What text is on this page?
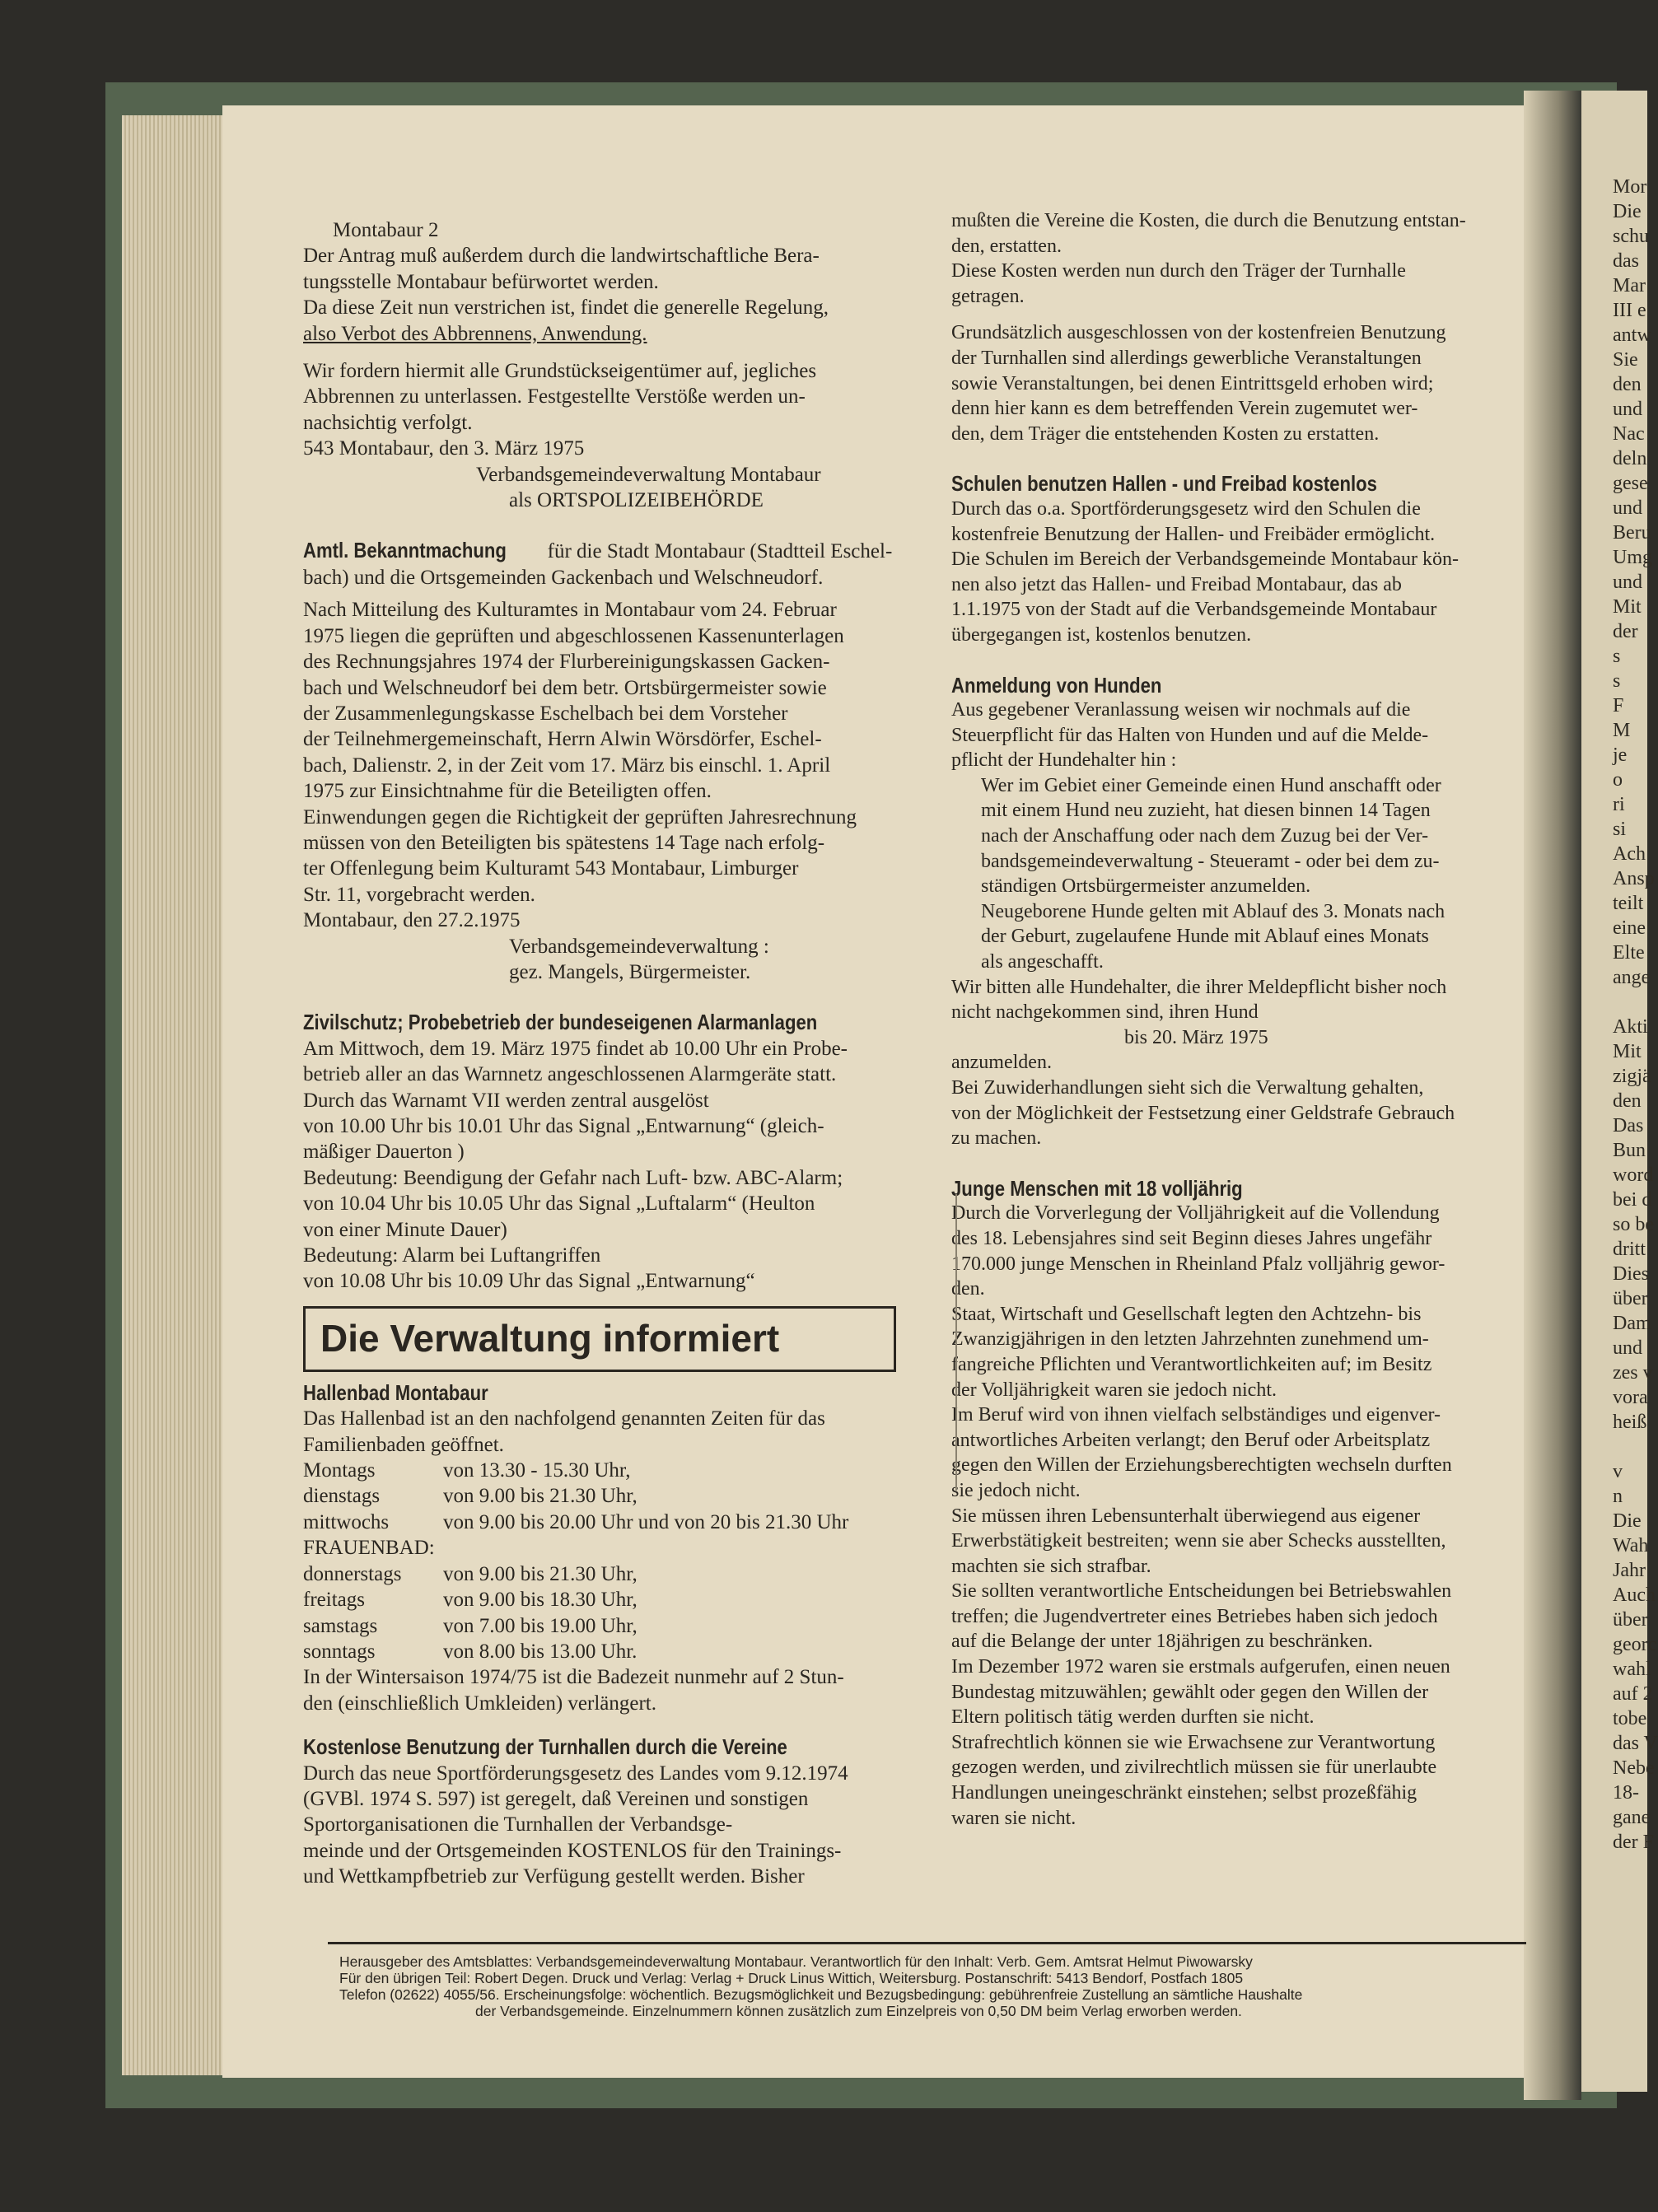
Mor
Die
schu
das
Mar
III e
antw
Sie
den
und
Nac
deln
gese
und
Beru
Umg
und
Mit
der
s
s
F
M
je
o
ri
si
Ach
Ansp
teilt
eine
Elte
ange
Akti
Mit
zigjä
den
Das
Bun
word
bei d
so be
dritt
Dies
über
Dam
und
zes v
vora
heiß
v
n
Die
Wah
Jahr
Auch
über
georc
wahl
auf 2
tobe
das V
Nebe
18-
gane
der F

Montabaur 2

Der Antrag muß außerdem durch die landwirtschaftliche Bera-

tungsstelle Montabaur befürwortet werden.

Da diese Zeit nun verstrichen ist, findet die generelle Regelung,

also Verbot des Abbrennens, Anwendung.

Wir fordern hiermit alle Grundstückseigentümer auf, jegliches

Abbrennen zu unterlassen. Festgestellte Verstöße werden un-

nachsichtig verfolgt.

543 Montabaur, den 3. März 1975

Verbandsgemeindeverwaltung Montabaur

als ORTSPOLIZEIBEHÖRDE

Amtl. Bekanntmachung für die Stadt Montabaur (Stadtteil Eschel-

bach) und die Ortsgemeinden Gackenbach und Welschneudorf.

Nach Mitteilung des Kulturamtes in Montabaur vom 24. Februar

1975 liegen die geprüften und abgeschlossenen Kassenunterlagen

des Rechnungsjahres 1974 der Flurbereinigungskassen Gacken-

bach und Welschneudorf bei dem betr. Ortsbürgermeister sowie

der Zusammenlegungskasse Eschelbach bei dem Vorsteher

der Teilnehmergemeinschaft, Herrn Alwin Wörsdörfer, Eschel-

bach, Dalienstr. 2, in der Zeit vom 17. März bis einschl. 1. April

1975 zur Einsichtnahme für die Beteiligten offen.

Einwendungen gegen die Richtigkeit der geprüften Jahresrechnung

müssen von den Beteiligten bis spätestens 14 Tage nach erfolg-

ter Offenlegung beim Kulturamt 543 Montabaur, Limburger

Str. 11, vorgebracht werden.

Montabaur, den 27.2.1975

Verbandsgemeindeverwaltung :

gez. Mangels, Bürgermeister.

Zivilschutz; Probebetrieb der bundeseigenen Alarmanlagen

Am Mittwoch, dem 19. März 1975 findet ab 10.00 Uhr ein Probe-

betrieb aller an das Warnnetz angeschlossenen Alarmgeräte statt.

Durch das Warnamt VII werden zentral ausgelöst

von 10.00 Uhr bis 10.01 Uhr das Signal „Entwarnung“ (gleich-

mäßiger Dauerton )

Bedeutung: Beendigung der Gefahr nach Luft- bzw. ABC-Alarm;

von 10.04 Uhr bis 10.05 Uhr das Signal „Luftalarm“ (Heulton

von einer Minute Dauer)

Bedeutung: Alarm bei Luftangriffen

von 10.08 Uhr bis 10.09 Uhr das Signal „Entwarnung“

Die Verwaltung informiert

Hallenbad Montabaur

Das Hallenbad ist an den nachfolgend genannten Zeiten für das

Familienbaden geöffnet.

Montags	von 13.30 - 15.30 Uhr,
dienstags	von 9.00 bis 21.30 Uhr,
mittwochs	von 9.00 bis 20.00 Uhr und von 20 bis 21.30 Uhr

FRAUENBAD:

donnerstags	von 9.00 bis 21.30 Uhr,
freitags	von 9.00 bis 18.30 Uhr,
samstags	von 7.00 bis 19.00 Uhr,
sonntags	von 8.00 bis 13.00 Uhr.

In der Wintersaison 1974/75 ist die Badezeit nunmehr auf 2 Stun-

den (einschließlich Umkleiden) verlängert.

Kostenlose Benutzung der Turnhallen durch die Vereine

Durch das neue Sportförderungsgesetz des Landes vom 9.12.1974

(GVBl. 1974 S. 597) ist geregelt, daß Vereinen und sonstigen

Sportorganisationen die Turnhallen der Verbandsge-

meinde und der Ortsgemeinden KOSTENLOS für den Trainings-

und Wettkampfbetrieb zur Verfügung gestellt werden. Bisher

mußten die Vereine die Kosten, die durch die Benutzung entstan-

den, erstatten.

Diese Kosten werden nun durch den Träger der Turnhalle

getragen.

Grundsätzlich ausgeschlossen von der kostenfreien Benutzung

der Turnhallen sind allerdings gewerbliche Veranstaltungen

sowie Veranstaltungen, bei denen Eintrittsgeld erhoben wird;

denn hier kann es dem betreffenden Verein zugemutet wer-

den, dem Träger die entstehenden Kosten zu erstatten.

Schulen benutzen Hallen - und Freibad kostenlos

Durch das o.a. Sportförderungsgesetz wird den Schulen die

kostenfreie Benutzung der Hallen- und Freibäder ermöglicht.

Die Schulen im Bereich der Verbandsgemeinde Montabaur kön-

nen also jetzt das Hallen- und Freibad Montabaur, das ab

1.1.1975 von der Stadt auf die Verbandsgemeinde Montabaur

übergegangen ist, kostenlos benutzen.

Anmeldung von Hunden

Aus gegebener Veranlassung weisen wir nochmals auf die

Steuerpflicht für das Halten von Hunden und auf die Melde-

pflicht der Hundehalter hin :

Wer im Gebiet einer Gemeinde einen Hund anschafft oder

mit einem Hund neu zuzieht, hat diesen binnen 14 Tagen

nach der Anschaffung oder nach dem Zuzug bei der Ver-

bandsgemeindeverwaltung - Steueramt - oder bei dem zu-

ständigen Ortsbürgermeister anzumelden.

Neugeborene Hunde gelten mit Ablauf des 3. Monats nach

der Geburt, zugelaufene Hunde mit Ablauf eines Monats

als angeschafft.

Wir bitten alle Hundehalter, die ihrer Meldepflicht bisher noch

nicht nachgekommen sind, ihren Hund

bis 20. März 1975

anzumelden.

Bei Zuwiderhandlungen sieht sich die Verwaltung gehalten,

von der Möglichkeit der Festsetzung einer Geldstrafe Gebrauch

zu machen.

Junge Menschen mit 18 volljährig

Durch die Vorverlegung der Volljährigkeit auf die Vollendung

des 18. Lebensjahres sind seit Beginn dieses Jahres ungefähr

170.000 junge Menschen in Rheinland Pfalz volljährig gewor-

den.

Staat, Wirtschaft und Gesellschaft legten den Achtzehn- bis

Zwanzigjährigen in den letzten Jahrzehnten zunehmend um-

fangreiche Pflichten und Verantwortlichkeiten auf; im Besitz

der Volljährigkeit waren sie jedoch nicht.

Im Beruf wird von ihnen vielfach selbständiges und eigenver-

antwortliches Arbeiten verlangt; den Beruf oder Arbeitsplatz

gegen den Willen der Erziehungsberechtigten wechseln durften

sie jedoch nicht.

Sie müssen ihren Lebensunterhalt überwiegend aus eigener

Erwerbstätigkeit bestreiten; wenn sie aber Schecks ausstellten,

machten sie sich strafbar.

Sie sollten verantwortliche Entscheidungen bei Betriebswahlen

treffen; die Jugendvertreter eines Betriebes haben sich jedoch

auf die Belange der unter 18jährigen zu beschränken.

Im Dezember 1972 waren sie erstmals aufgerufen, einen neuen

Bundestag mitzuwählen; gewählt oder gegen den Willen der

Eltern politisch tätig werden durften sie nicht.

Strafrechtlich können sie wie Erwachsene zur Verantwortung

gezogen werden, und zivilrechtlich müssen sie für unerlaubte

Handlungen uneingeschränkt einstehen; selbst prozeßfähig

waren sie nicht.

Herausgeber des Amtsblattes: Verbandsgemeindeverwaltung Montabaur. Verantwortlich für den Inhalt: Verb. Gem. Amtsrat Helmut Piwowarsky

Für den übrigen Teil: Robert Degen. Druck und Verlag: Verlag + Druck Linus Wittich, Weitersburg. Postanschrift: 5413 Bendorf, Postfach 1805

Telefon (02622) 4055/56. Erscheinungsfolge: wöchentlich. Bezugsmöglichkeit und Bezugsbedingung: gebührenfreie Zustellung an sämtliche Haushalte

der Verbandsgemeinde. Einzelnummern können zusätzlich zum Einzelpreis von 0,50 DM beim Verlag erworben werden.
